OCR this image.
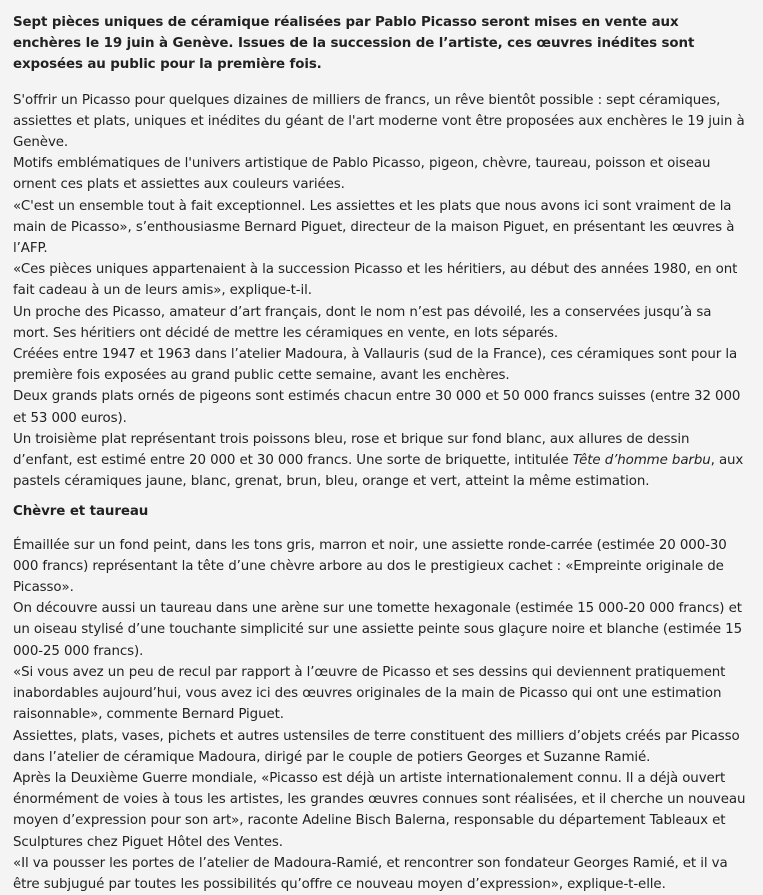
Sept pièces uniques de céramique réalisées par Pablo Picasso seront mises en vente aux enchères le 19 juin à Genève. Issues de la succession de l’artiste, ces œuvres inédites sont exposées au public pour la première fois.

S'offrir un Picasso pour quelques dizaines de milliers de francs, un rêve bientôt possible : sept céramiques, assiettes et plats, uniques et inédites du géant de l'art moderne vont être proposées aux enchères le 19 juin à Genève.

Motifs emblématiques de l'univers artistique de Pablo Picasso, pigeon, chèvre, taureau, poisson et oiseau ornent ces plats et assiettes aux couleurs variées.

«C'est un ensemble tout à fait exceptionnel. Les assiettes et les plats que nous avons ici sont vraiment de la main de Picasso», s’enthousiasme Bernard Piguet, directeur de la maison Piguet, en présentant les œuvres à l’AFP.

«Ces pièces uniques appartenaient à la succession Picasso et les héritiers, au début des années 1980, en ont fait cadeau à un de leurs amis», explique-t-il.

Un proche des Picasso, amateur d’art français, dont le nom n’est pas dévoilé, les a conservées jusqu’à sa mort. Ses héritiers ont décidé de mettre les céramiques en vente, en lots séparés.

Créées entre 1947 et 1963 dans l’atelier Madoura, à Vallauris (sud de la France), ces céramiques sont pour la première fois exposées au grand public cette semaine, avant les enchères.

Deux grands plats ornés de pigeons sont estimés chacun entre 30 000 et 50 000 francs suisses (entre 32 000 et 53 000 euros).

Un troisième plat représentant trois poissons bleu, rose et brique sur fond blanc, aux allures de dessin d’enfant, est estimé entre 20 000 et 30 000 francs. Une sorte de briquette, intitulée Tête d’homme barbu, aux pastels céramiques jaune, blanc, grenat, brun, bleu, orange et vert, atteint la même estimation.

Chèvre et taureau

Émaillée sur un fond peint, dans les tons gris, marron et noir, une assiette ronde-carrée (estimée 20 000-30 000 francs) représentant la tête d’une chèvre arbore au dos le prestigieux cachet : «Empreinte originale de Picasso».

On découvre aussi un taureau dans une arène sur une tomette hexagonale (estimée 15 000-20 000 francs) et un oiseau stylisé d’une touchante simplicité sur une assiette peinte sous glaçure noire et blanche (estimée 15 000-25 000 francs).

«Si vous avez un peu de recul par rapport à l’œuvre de Picasso et ses dessins qui deviennent pratiquement inabordables aujourd’hui, vous avez ici des œuvres originales de la main de Picasso qui ont une estimation raisonnable», commente Bernard Piguet.

Assiettes, plats, vases, pichets et autres ustensiles de terre constituent des milliers d’objets créés par Picasso dans l’atelier de céramique Madoura, dirigé par le couple de potiers Georges et Suzanne Ramié.

Après la Deuxième Guerre mondiale, «Picasso est déjà un artiste internationalement connu. Il a déjà ouvert énormément de voies à tous les artistes, les grandes œuvres connues sont réalisées, et il cherche un nouveau moyen d’expression pour son art», raconte Adeline Bisch Balerna, responsable du département Tableaux et Sculptures chez Piguet Hôtel des Ventes.

«Il va pousser les portes de l’atelier de Madoura-Ramié, et rencontrer son fondateur Georges Ramié, et il va être subjugué par toutes les possibilités qu’offre ce nouveau moyen d’expression», explique-t-elle.
